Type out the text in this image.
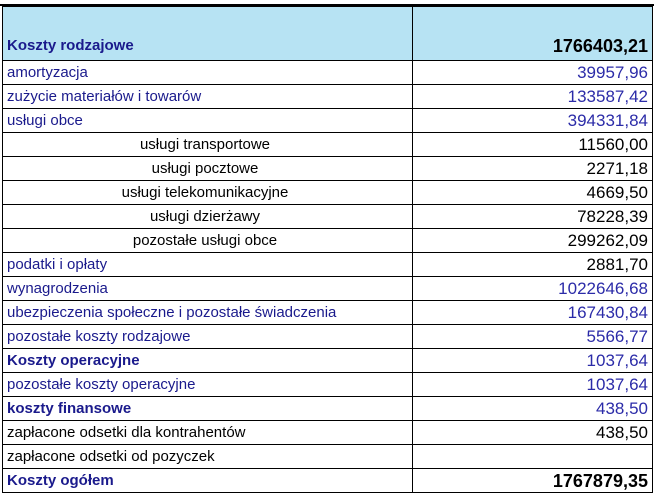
Koszty rodzajowe	1766403,21
amortyzacja	39957,96
zużycie materiałów i towarów	133587,42
usługi obce	394331,84
usługi transportowe	11560,00
usługi pocztowe	2271,18
usługi telekomunikacyjne	4669,50
usługi dzierżawy	78228,39
pozostałe usługi obce	299262,09
podatki i opłaty	2881,70
wynagrodzenia	1022646,68
ubezpieczenia społeczne i pozostałe świadczenia	167430,84
pozostałe koszty rodzajowe	5566,77
Koszty operacyjne	1037,64
pozostałe koszty operacyjne	1037,64
koszty finansowe	438,50
zapłacone odsetki dla kontrahentów	438,50
zapłacone odsetki od pozyczek	
Koszty ogółem	1767879,35
